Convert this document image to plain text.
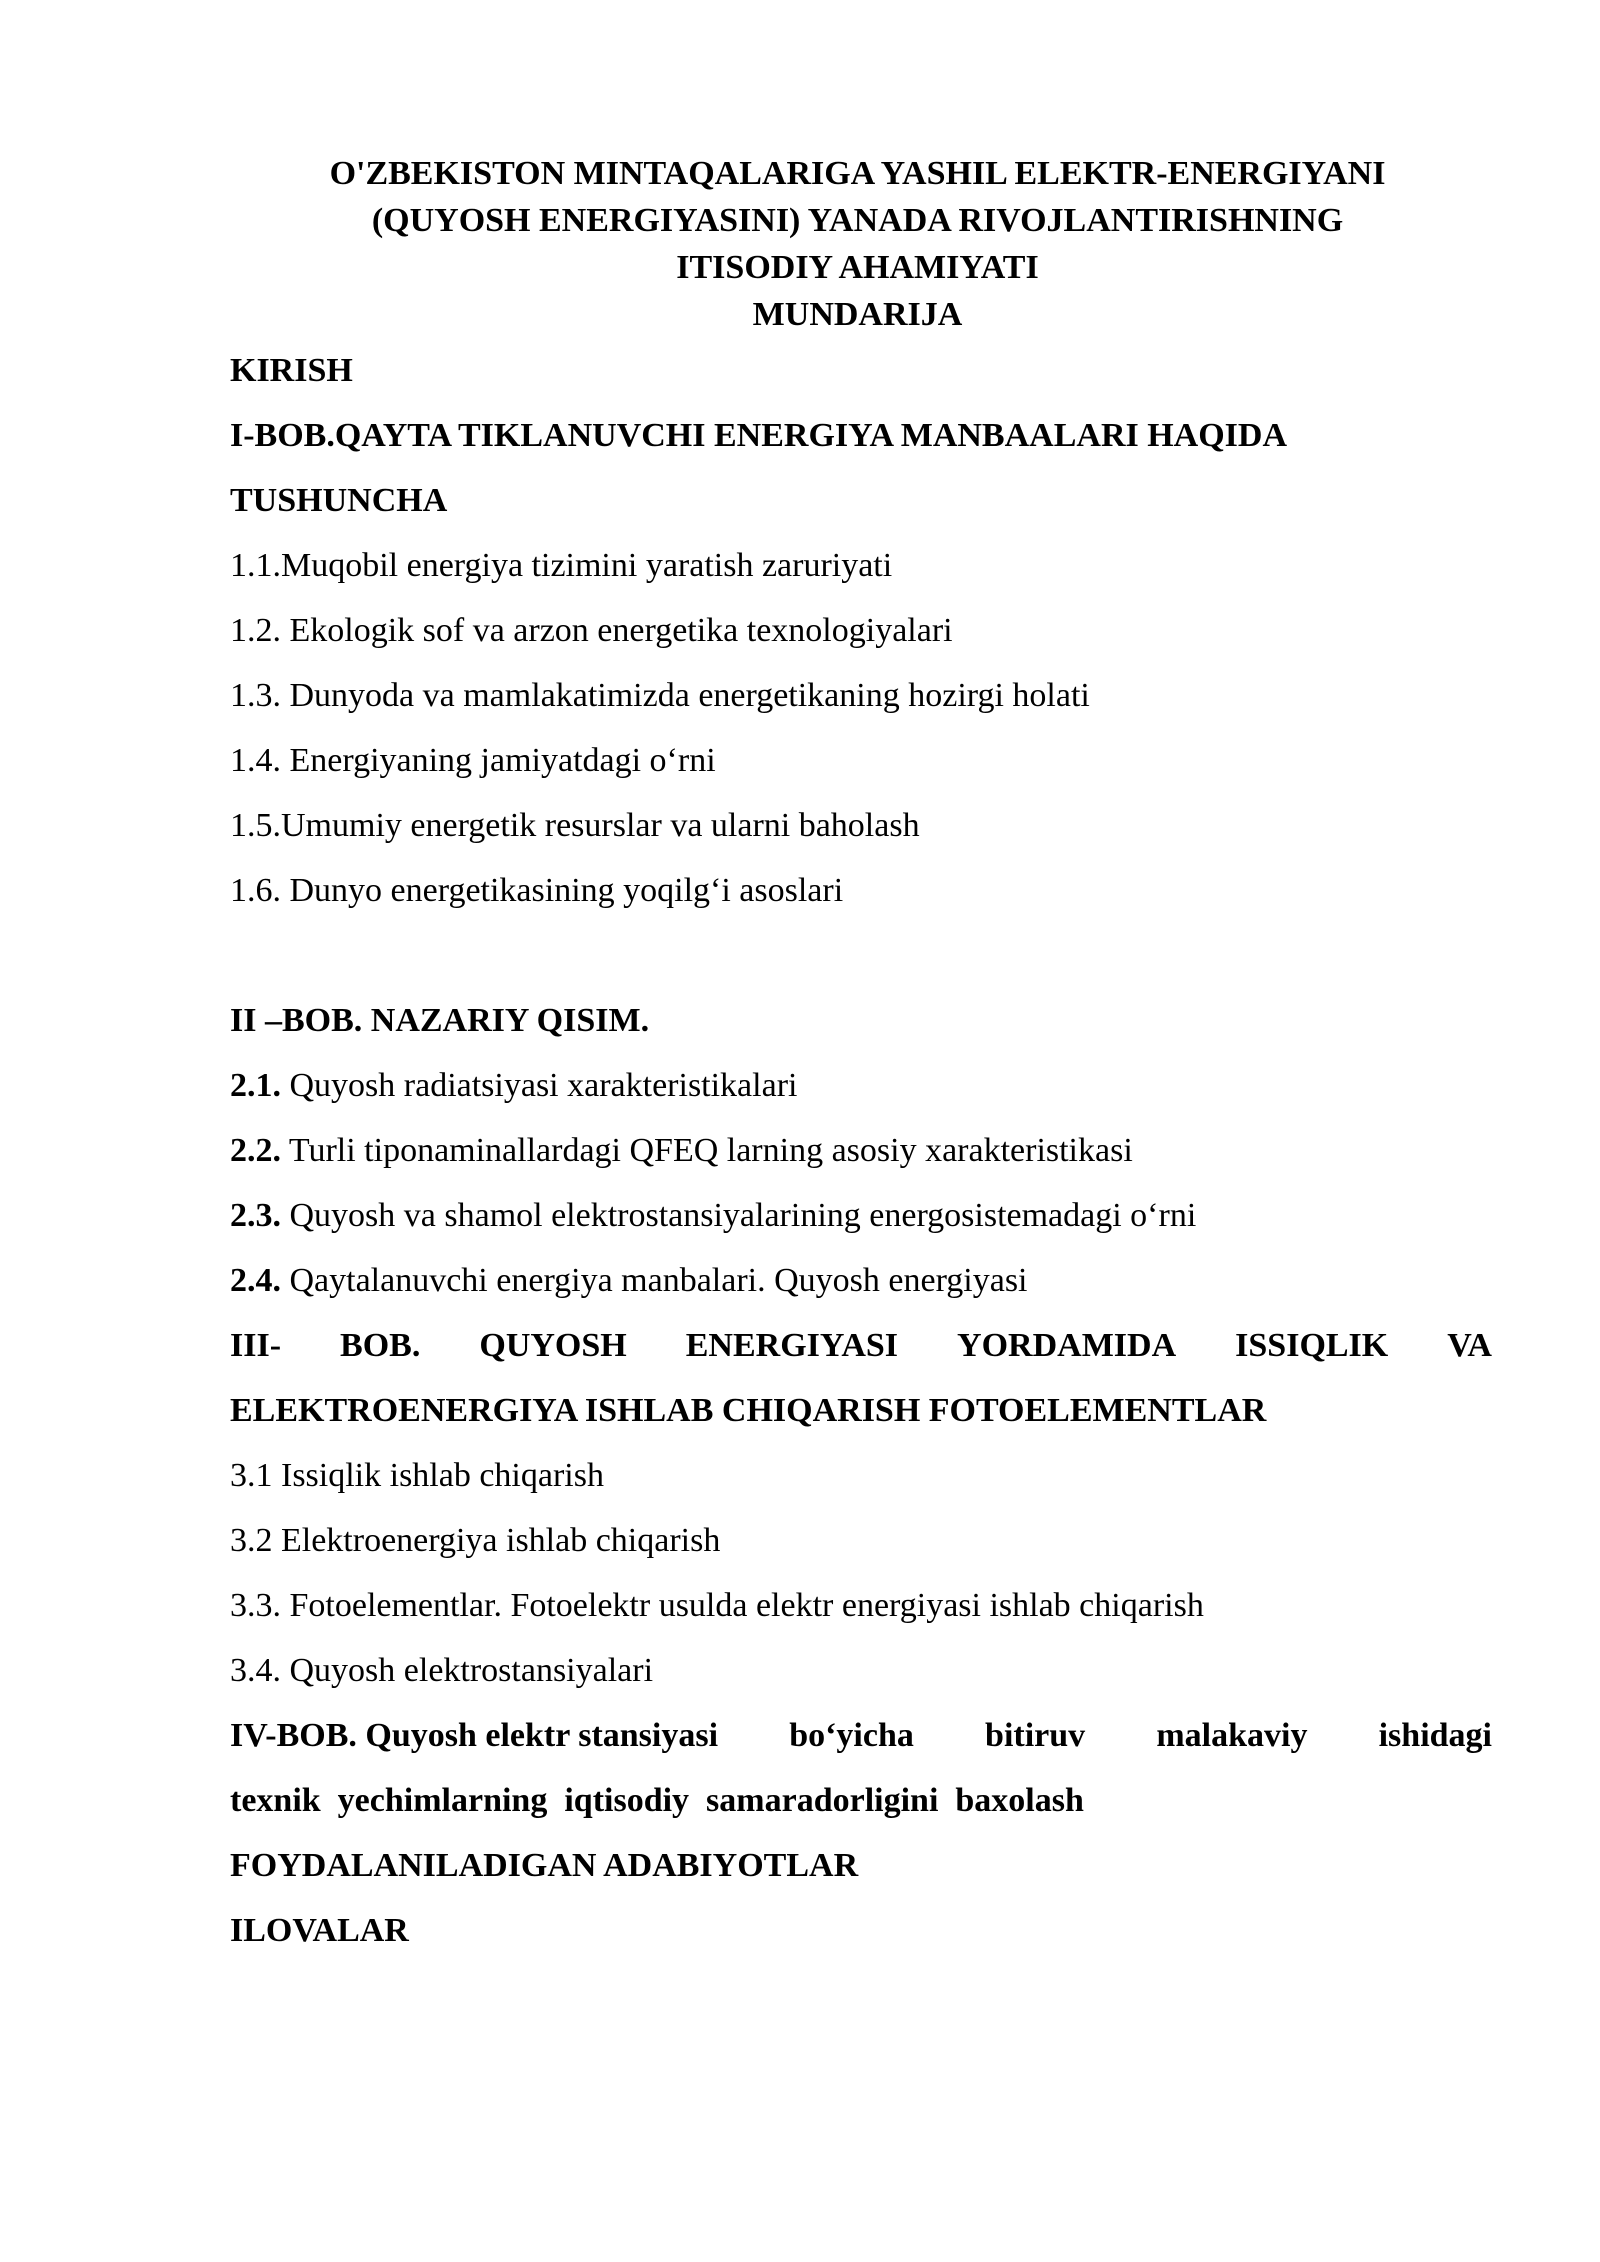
O'ZBEKISTON MINTAQALARIGA YASHIL ELEKTR-ENERGIYANI
(QUYOSH ENERGIYASINI) YANADA RIVOJLANTIRISHNING
ITISODIY AHAMIYATI
MUNDARIJA
KIRISH
I-BOB.QAYTA TIKLANUVCHI ENERGIYA MANBAALARI HAQIDA
TUSHUNCHA
1.1.Muqobil energiya tizimini yaratish zaruriyati
1.2. Ekologik sof va arzon energetika texnologiyalari
1.3. Dunyoda va mamlakatimizda energetikaning hozirgi holati
1.4. Energiyaning jamiyatdagi o‘rni
1.5.Umumiy energetik resurslar va ularni baholash
1.6. Dunyo energetikasining yoqilg‘i asoslari
II –BOB. NAZARIY QISIM.
2.1. Quyosh radiatsiyasi xarakteristikalari
2.2. Turli tiponaminallardagi QFEQ larning asosiy xarakteristikasi
2.3. Quyosh va shamol elektrostansiyalarining energosistemadagi o‘rni
2.4. Qaytalanuvchi energiya manbalari. Quyosh energiyasi
III- BOB. QUYOSH ENERGIYASI YORDAMIDA ISSIQLIK VA
ELEKTROENERGIYA ISHLAB CHIQARISH FOTOELEMENTLAR
3.1 Issiqlik ishlab chiqarish
3.2 Elektroenergiya ishlab chiqarish
3.3. Fotoelementlar. Fotoelektr usulda elektr energiyasi ishlab chiqarish
3.4. Quyosh elektrostansiyalari
IV-BOB. Quyosh elektr stansiyasi bo‘yicha bitiruv malakaviy ishidagi
texnik  yechimlarning  iqtisodiy  samaradorligini  baxolash
FOYDALANILADIGAN ADABIYOTLAR
ILOVALAR
